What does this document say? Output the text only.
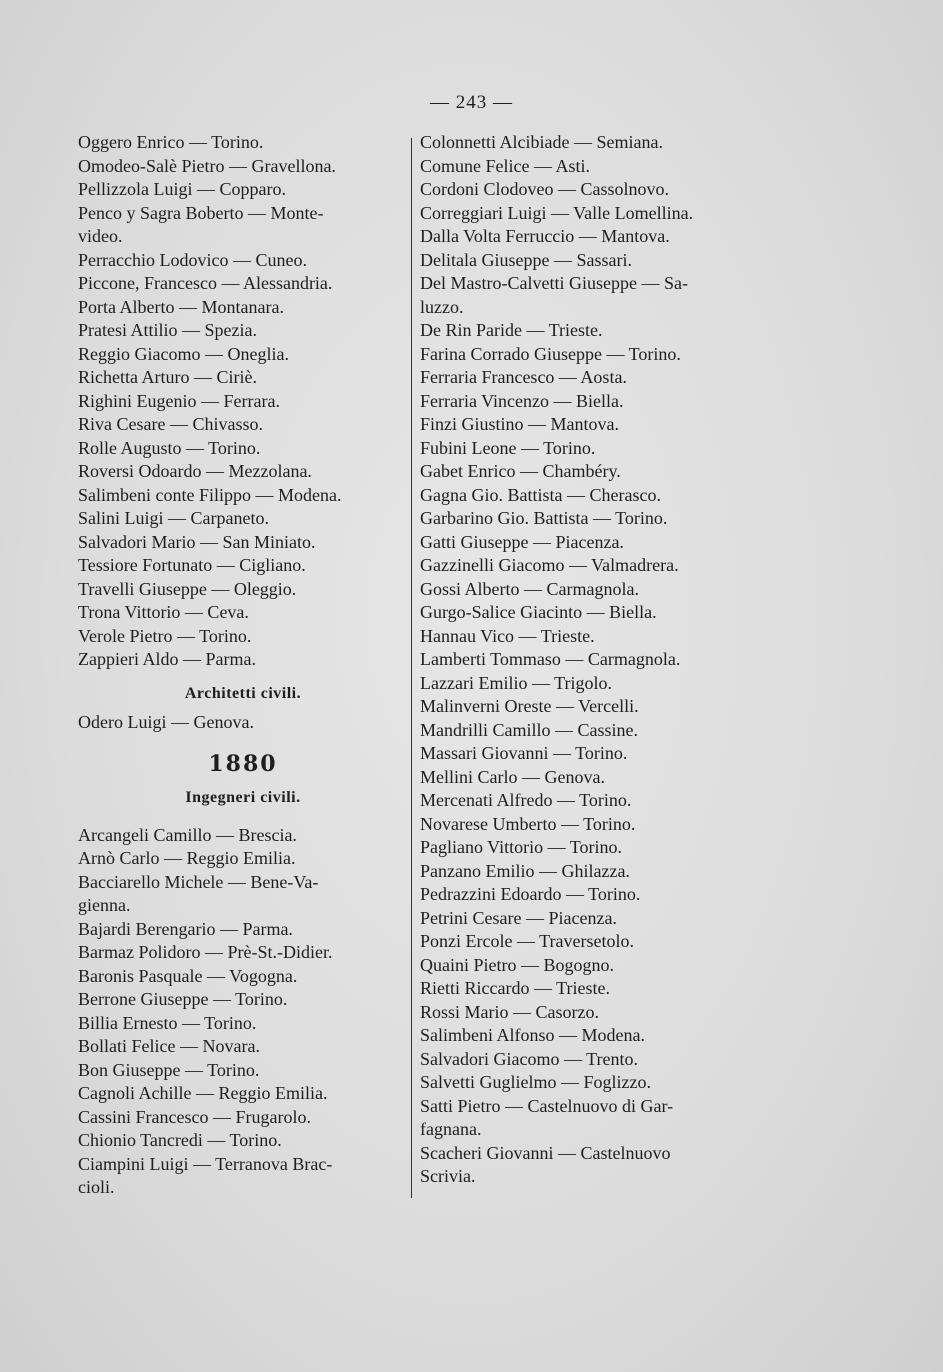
— 243 —
Oggero Enrico — Torino.
Omodeo-Salè Pietro — Gravellona.
Pellizzola Luigi — Copparo.
Penco y Sagra Boberto — Monte-
video.
Perracchio Lodovico — Cuneo.
Piccone, Francesco — Alessandria.
Porta Alberto — Montanara.
Pratesi Attilio — Spezia.
Reggio Giacomo — Oneglia.
Richetta Arturo — Ciriè.
Righini Eugenio — Ferrara.
Riva Cesare — Chivasso.
Rolle Augusto — Torino.
Roversi Odoardo — Mezzolana.
Salimbeni conte Filippo — Modena.
Salini Luigi — Carpaneto.
Salvadori Mario — San Miniato.
Tessiore Fortunato — Cigliano.
Travelli Giuseppe — Oleggio.
Trona Vittorio — Ceva.
Verole Pietro — Torino.
Zappieri Aldo — Parma.
Architetti civili.
Odero Luigi — Genova.
1880
Ingegneri civili.
Arcangeli Camillo — Brescia.
Arnò Carlo — Reggio Emilia.
Bacciarello Michele — Bene-Va-
gienna.
Bajardi Berengario — Parma.
Barmaz Polidoro — Prè-St.-Didier.
Baronis Pasquale — Vogogna.
Berrone Giuseppe — Torino.
Billia Ernesto — Torino.
Bollati Felice — Novara.
Bon Giuseppe — Torino.
Cagnoli Achille — Reggio Emilia.
Cassini Francesco — Frugarolo.
Chionio Tancredi — Torino.
Ciampini Luigi — Terranova Brac-
cioli.
Colonnetti Alcibiade — Semiana.
Comune Felice — Asti.
Cordoni Clodoveo — Cassolnovo.
Correggiari Luigi — Valle Lomellina.
Dalla Volta Ferruccio — Mantova.
Delitala Giuseppe — Sassari.
Del Mastro-Calvetti Giuseppe — Sa-
luzzo.
De Rin Paride — Trieste.
Farina Corrado Giuseppe — Torino.
Ferraria Francesco — Aosta.
Ferraria Vincenzo — Biella.
Finzi Giustino — Mantova.
Fubini Leone — Torino.
Gabet Enrico — Chambéry.
Gagna Gio. Battista — Cherasco.
Garbarino Gio. Battista — Torino.
Gatti Giuseppe — Piacenza.
Gazzinelli Giacomo — Valmadrera.
Gossi Alberto — Carmagnola.
Gurgo-Salice Giacinto — Biella.
Hannau Vico — Trieste.
Lamberti Tommaso — Carmagnola.
Lazzari Emilio — Trigolo.
Malinverni Oreste — Vercelli.
Mandrilli Camillo — Cassine.
Massari Giovanni — Torino.
Mellini Carlo — Genova.
Mercenati Alfredo — Torino.
Novarese Umberto — Torino.
Pagliano Vittorio — Torino.
Panzano Emilio — Ghilazza.
Pedrazzini Edoardo — Torino.
Petrini Cesare — Piacenza.
Ponzi Ercole — Traversetolo.
Quaini Pietro — Bogogno.
Rietti Riccardo — Trieste.
Rossi Mario — Casorzo.
Salimbeni Alfonso — Modena.
Salvadori Giacomo — Trento.
Salvetti Guglielmo — Foglizzo.
Satti Pietro — Castelnuovo di Gar-
fagnana.
Scacheri Giovanni — Castelnuovo
Scrivia.
